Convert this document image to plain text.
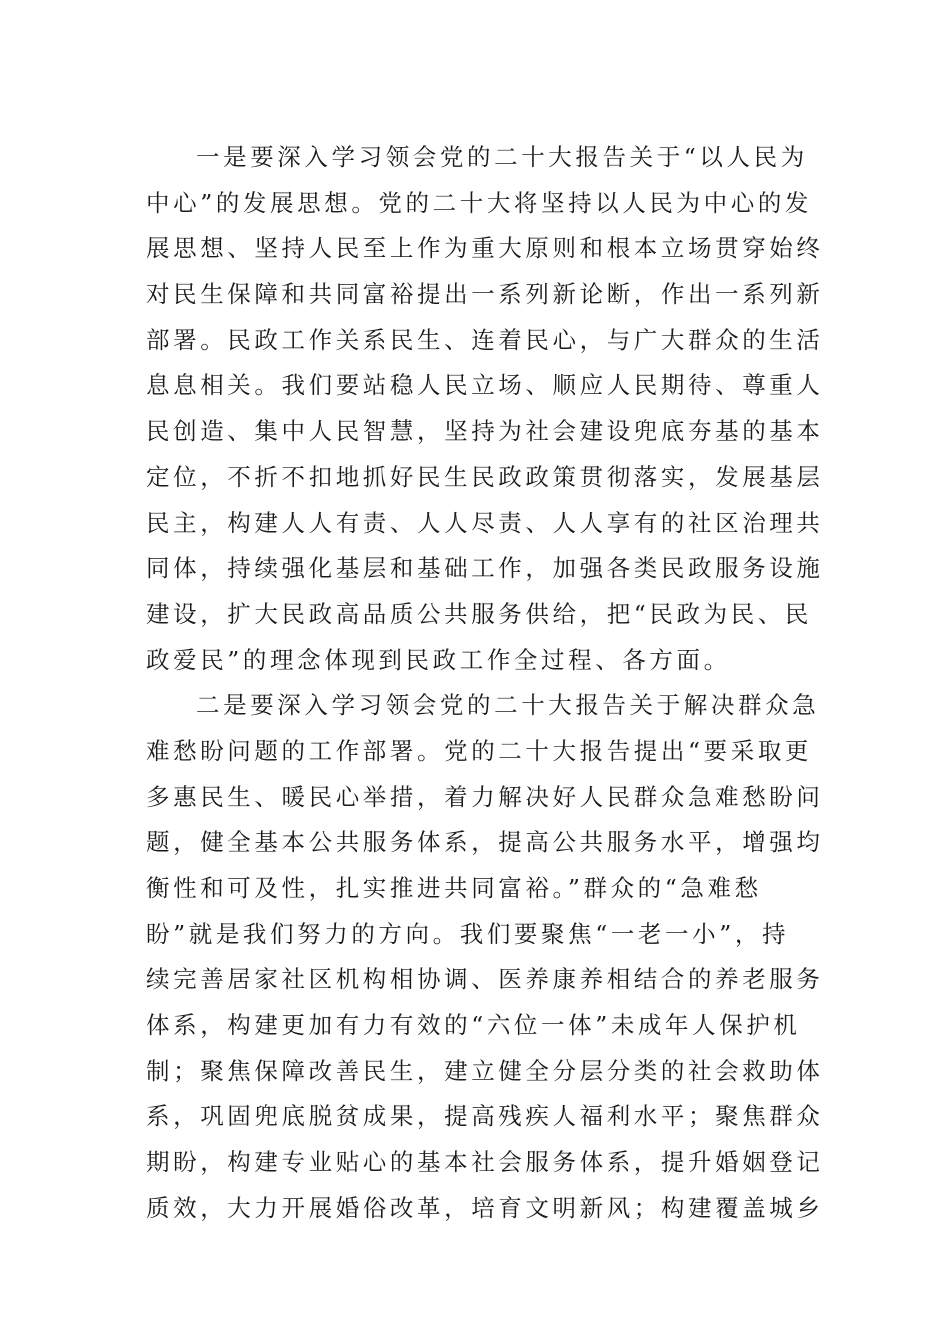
一是要深入学习领会党的二十大报告关于“以人民为
中心”的发展思想。党的二十大将坚持以人民为中心的发
展思想、坚持人民至上作为重大原则和根本立场贯穿始终
对民生保障和共同富裕提出一系列新论断，作出一系列新
部署。民政工作关系民生、连着民心，与广大群众的生活
息息相关。我们要站稳人民立场、顺应人民期待、尊重人
民创造、集中人民智慧，坚持为社会建设兜底夯基的基本
定位，不折不扣地抓好民生民政政策贯彻落实，发展基层
民主，构建人人有责、人人尽责、人人享有的社区治理共
同体，持续强化基层和基础工作，加强各类民政服务设施
建设，扩大民政高品质公共服务供给，把“民政为民、民
政爱民”的理念体现到民政工作全过程、各方面。
二是要深入学习领会党的二十大报告关于解决群众急
难愁盼问题的工作部署。党的二十大报告提出“要采取更
多惠民生、暖民心举措，着力解决好人民群众急难愁盼问
题，健全基本公共服务体系，提高公共服务水平，增强均
衡性和可及性，扎实推进共同富裕。”群众的“急难愁
盼”就是我们努力的方向。我们要聚焦“一老一小”，持
续完善居家社区机构相协调、医养康养相结合的养老服务
体系，构建更加有力有效的“六位一体”未成年人保护机
制；聚焦保障改善民生，建立健全分层分类的社会救助体
系，巩固兜底脱贫成果，提高残疾人福利水平；聚焦群众
期盼，构建专业贴心的基本社会服务体系，提升婚姻登记
质效，大力开展婚俗改革，培育文明新风；构建覆盖城乡
